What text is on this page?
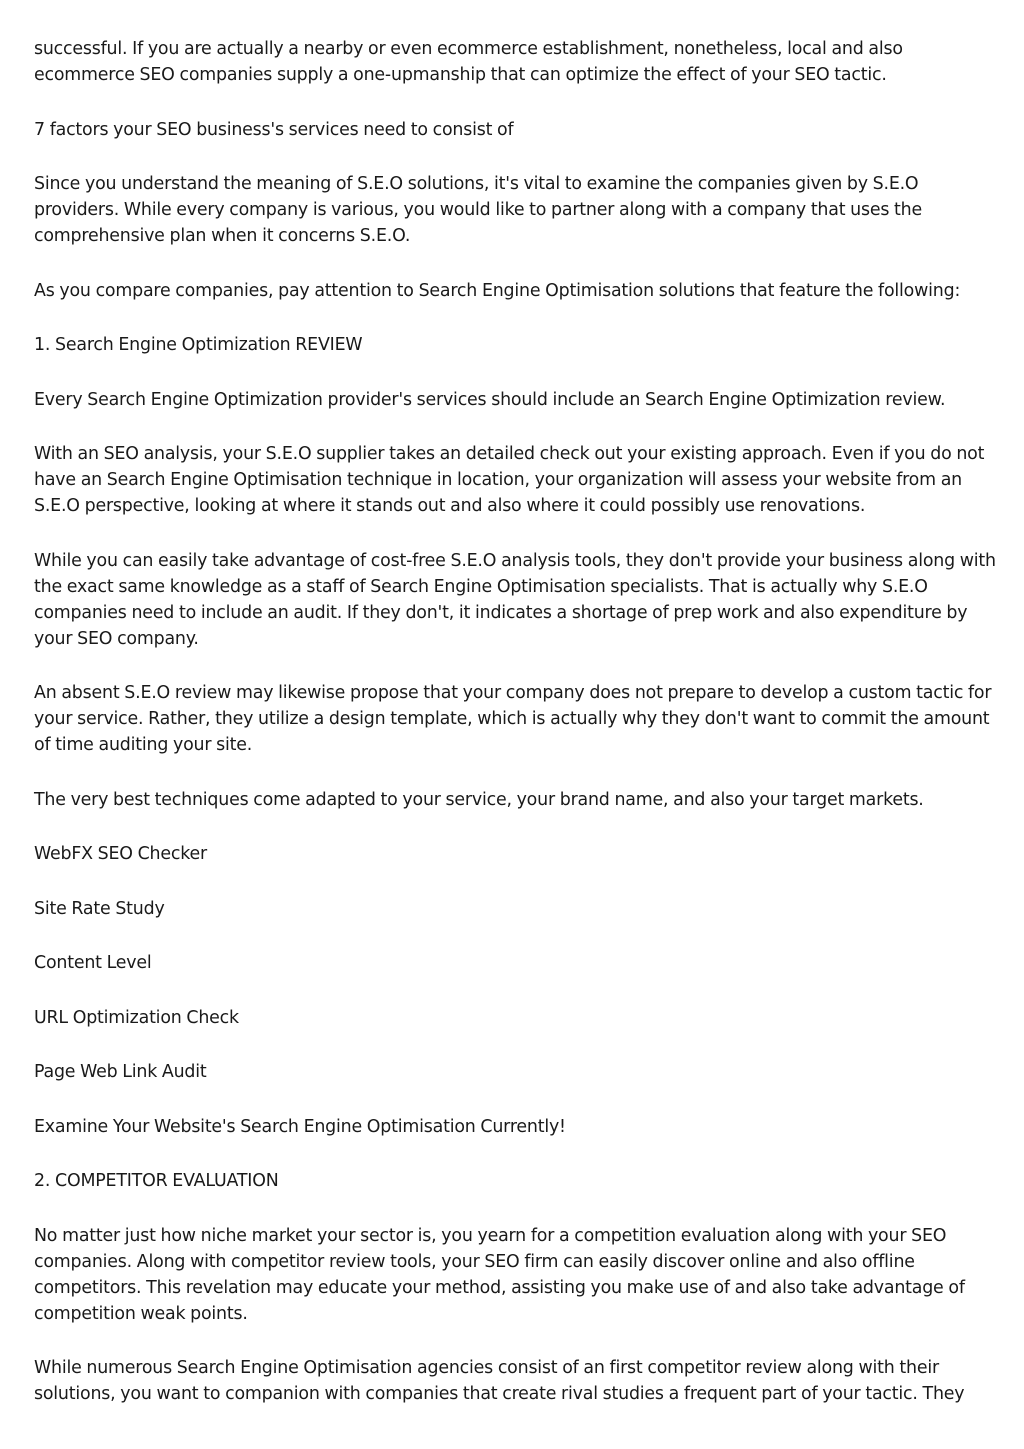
successful. If you are actually a nearby or even ecommerce establishment, nonetheless, local and also ecommerce SEO companies supply a one-upmanship that can optimize the effect of your SEO tactic.

7 factors your SEO business's services need to consist of

Since you understand the meaning of S.E.O solutions, it's vital to examine the companies given by S.E.O providers. While every company is various, you would like to partner along with a company that uses the comprehensive plan when it concerns S.E.O.

As you compare companies, pay attention to Search Engine Optimisation solutions that feature the following:

1. Search Engine Optimization REVIEW

Every Search Engine Optimization provider's services should include an Search Engine Optimization review.

With an SEO analysis, your S.E.O supplier takes an detailed check out your existing approach. Even if you do not have an Search Engine Optimisation technique in location, your organization will assess your website from an S.E.O perspective, looking at where it stands out and also where it could possibly use renovations.

While you can easily take advantage of cost-free S.E.O analysis tools, they don't provide your business along with the exact same knowledge as a staff of Search Engine Optimisation specialists. That is actually why S.E.O companies need to include an audit. If they don't, it indicates a shortage of prep work and also expenditure by your SEO company.

An absent S.E.O review may likewise propose that your company does not prepare to develop a custom tactic for your service. Rather, they utilize a design template, which is actually why they don't want to commit the amount of time auditing your site.

The very best techniques come adapted to your service, your brand name, and also your target markets.

WebFX SEO Checker

Site Rate Study

Content Level

URL Optimization Check

Page Web Link Audit

Examine Your Website's Search Engine Optimisation Currently!

2. COMPETITOR EVALUATION

No matter just how niche market your sector is, you yearn for a competition evaluation along with your SEO companies. Along with competitor review tools, your SEO firm can easily discover online and also offline competitors. This revelation may educate your method, assisting you make use of and also take advantage of competition weak points.

While numerous Search Engine Optimisation agencies consist of an first competitor review along with their solutions, you want to companion with companies that create rival studies a frequent part of your tactic. They
